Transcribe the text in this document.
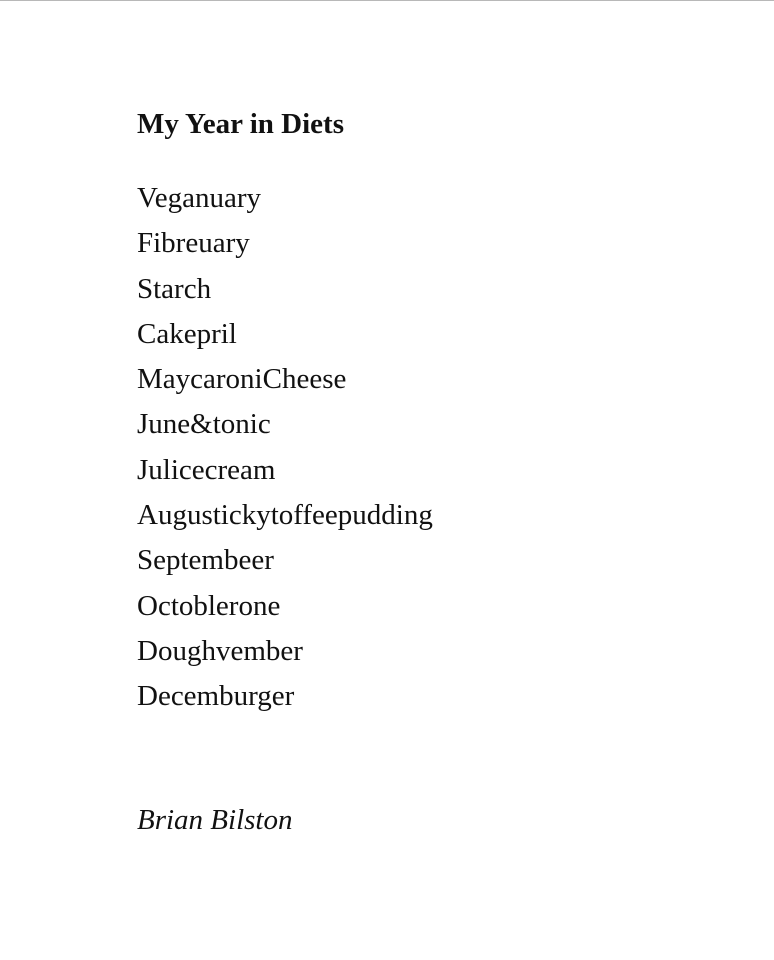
My Year in Diets
Veganuary
Fibreuary
Starch
Cakepril
MaycaroniCheese
June&tonic
Julicecream
Augustickytoffeepudding
Septembeer
Octoblerone
Doughvember
Decemburger
Brian Bilston
